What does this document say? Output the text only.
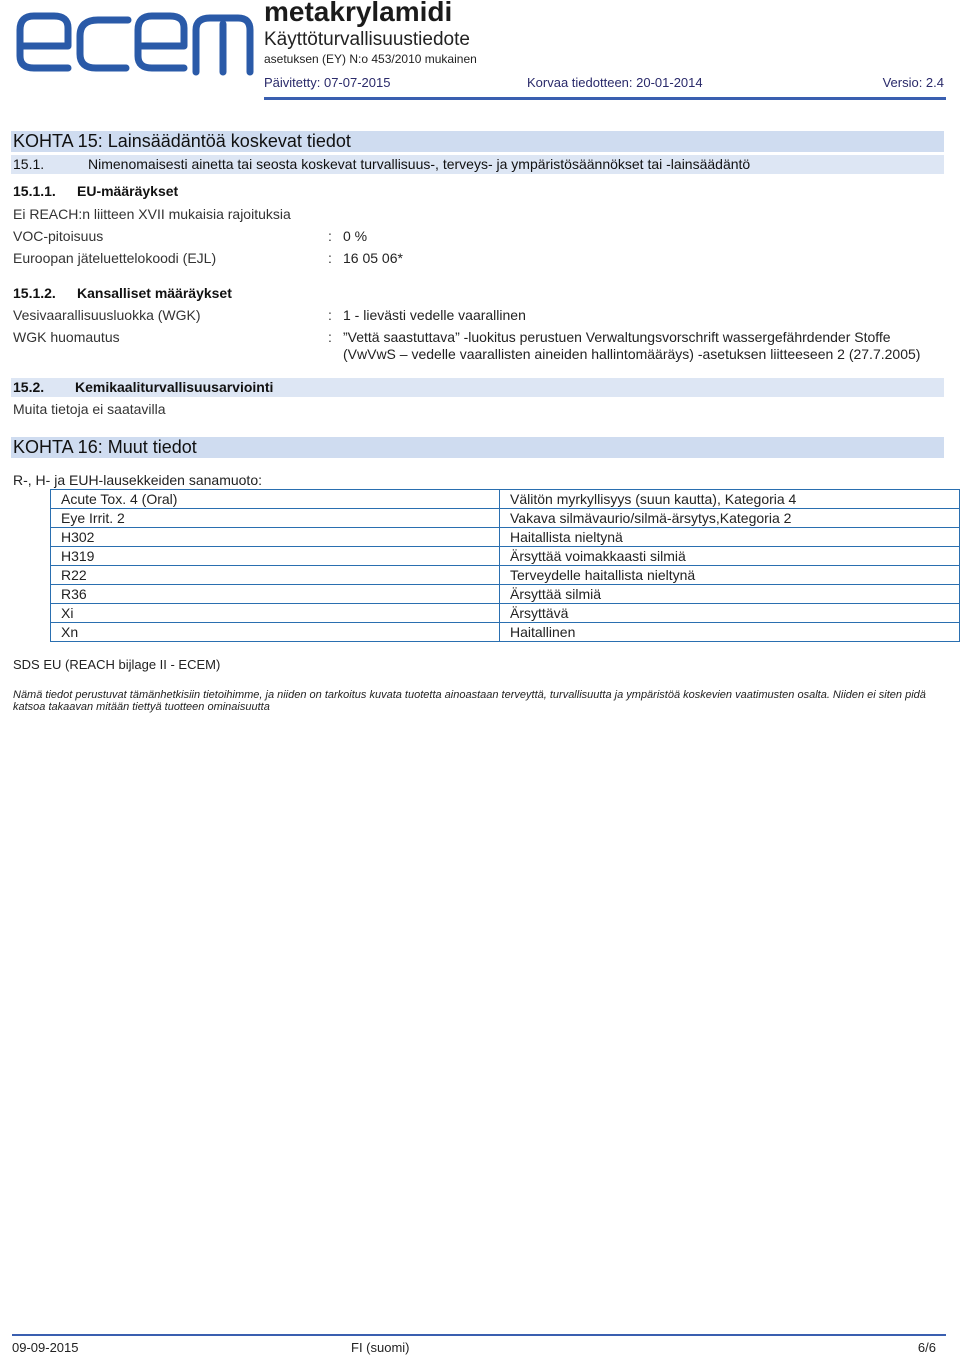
ecem	metakrylamidi
Käyttöturvallisuustiedote
asetuksen (EY) N:o 453/2010 mukainen
Päivitetty: 07-07-2015	Korvaa tiedotteen: 20-01-2014	Versio: 2.4
KOHTA 15: Lainsäädäntöä koskevat tiedot
15.1.	Nimenomaisesti ainetta tai seosta koskevat turvallisuus-, terveys- ja ympäristösäännökset tai -lainsäädäntö
15.1.1. EU-määräykset
Ei REACH:n liitteen XVII mukaisia rajoituksia
VOC-pitoisuus	: 0 %
Euroopan jäteluettelokoodi (EJL)	: 16 05 06*
15.1.2. Kansalliset määräykset
Vesivaarallisuusluokka (WGK)	: 1 - lievästi vedelle vaarallinen
WGK huomautus	: ”Vettä saastuttava” -luokitus perustuen Verwaltungsvorschrift wassergefährdender Stoffe (VwVwS – vedelle vaarallisten aineiden hallintomääräys) -asetuksen liitteeseen 2 (27.7.2005)
15.2. Kemikaaliturvallisuusarviointi
Muita tietoja ei saatavilla
KOHTA 16: Muut tiedot
R-, H- ja EUH-lausekkeiden sanamuoto:
Acute Tox. 4 (Oral)	Välitön myrkyllisyys (suun kautta), Kategoria 4
Eye Irrit. 2	Vakava silmävaurio/silmä-ärsytys,Kategoria 2
H302	Haitallista nieltynä
H319	Ärsyttää voimakkaasti silmiä
R22	Terveydelle haitallista nieltynä
R36	Ärsyttää silmiä
Xi	Ärsyttävä
Xn	Haitallinen
SDS EU (REACH bijlage II - ECEM)
Nämä tiedot perustuvat tämänhetkisiin tietoihimme, ja niiden on tarkoitus kuvata tuotetta ainoastaan terveyttä, turvallisuutta ja ympäristöä koskevien vaatimusten osalta. Niiden ei siten pidä katsoa takaavan mitään tiettyä tuotteen ominaisuutta
09-09-2015	FI (suomi)	6/6
